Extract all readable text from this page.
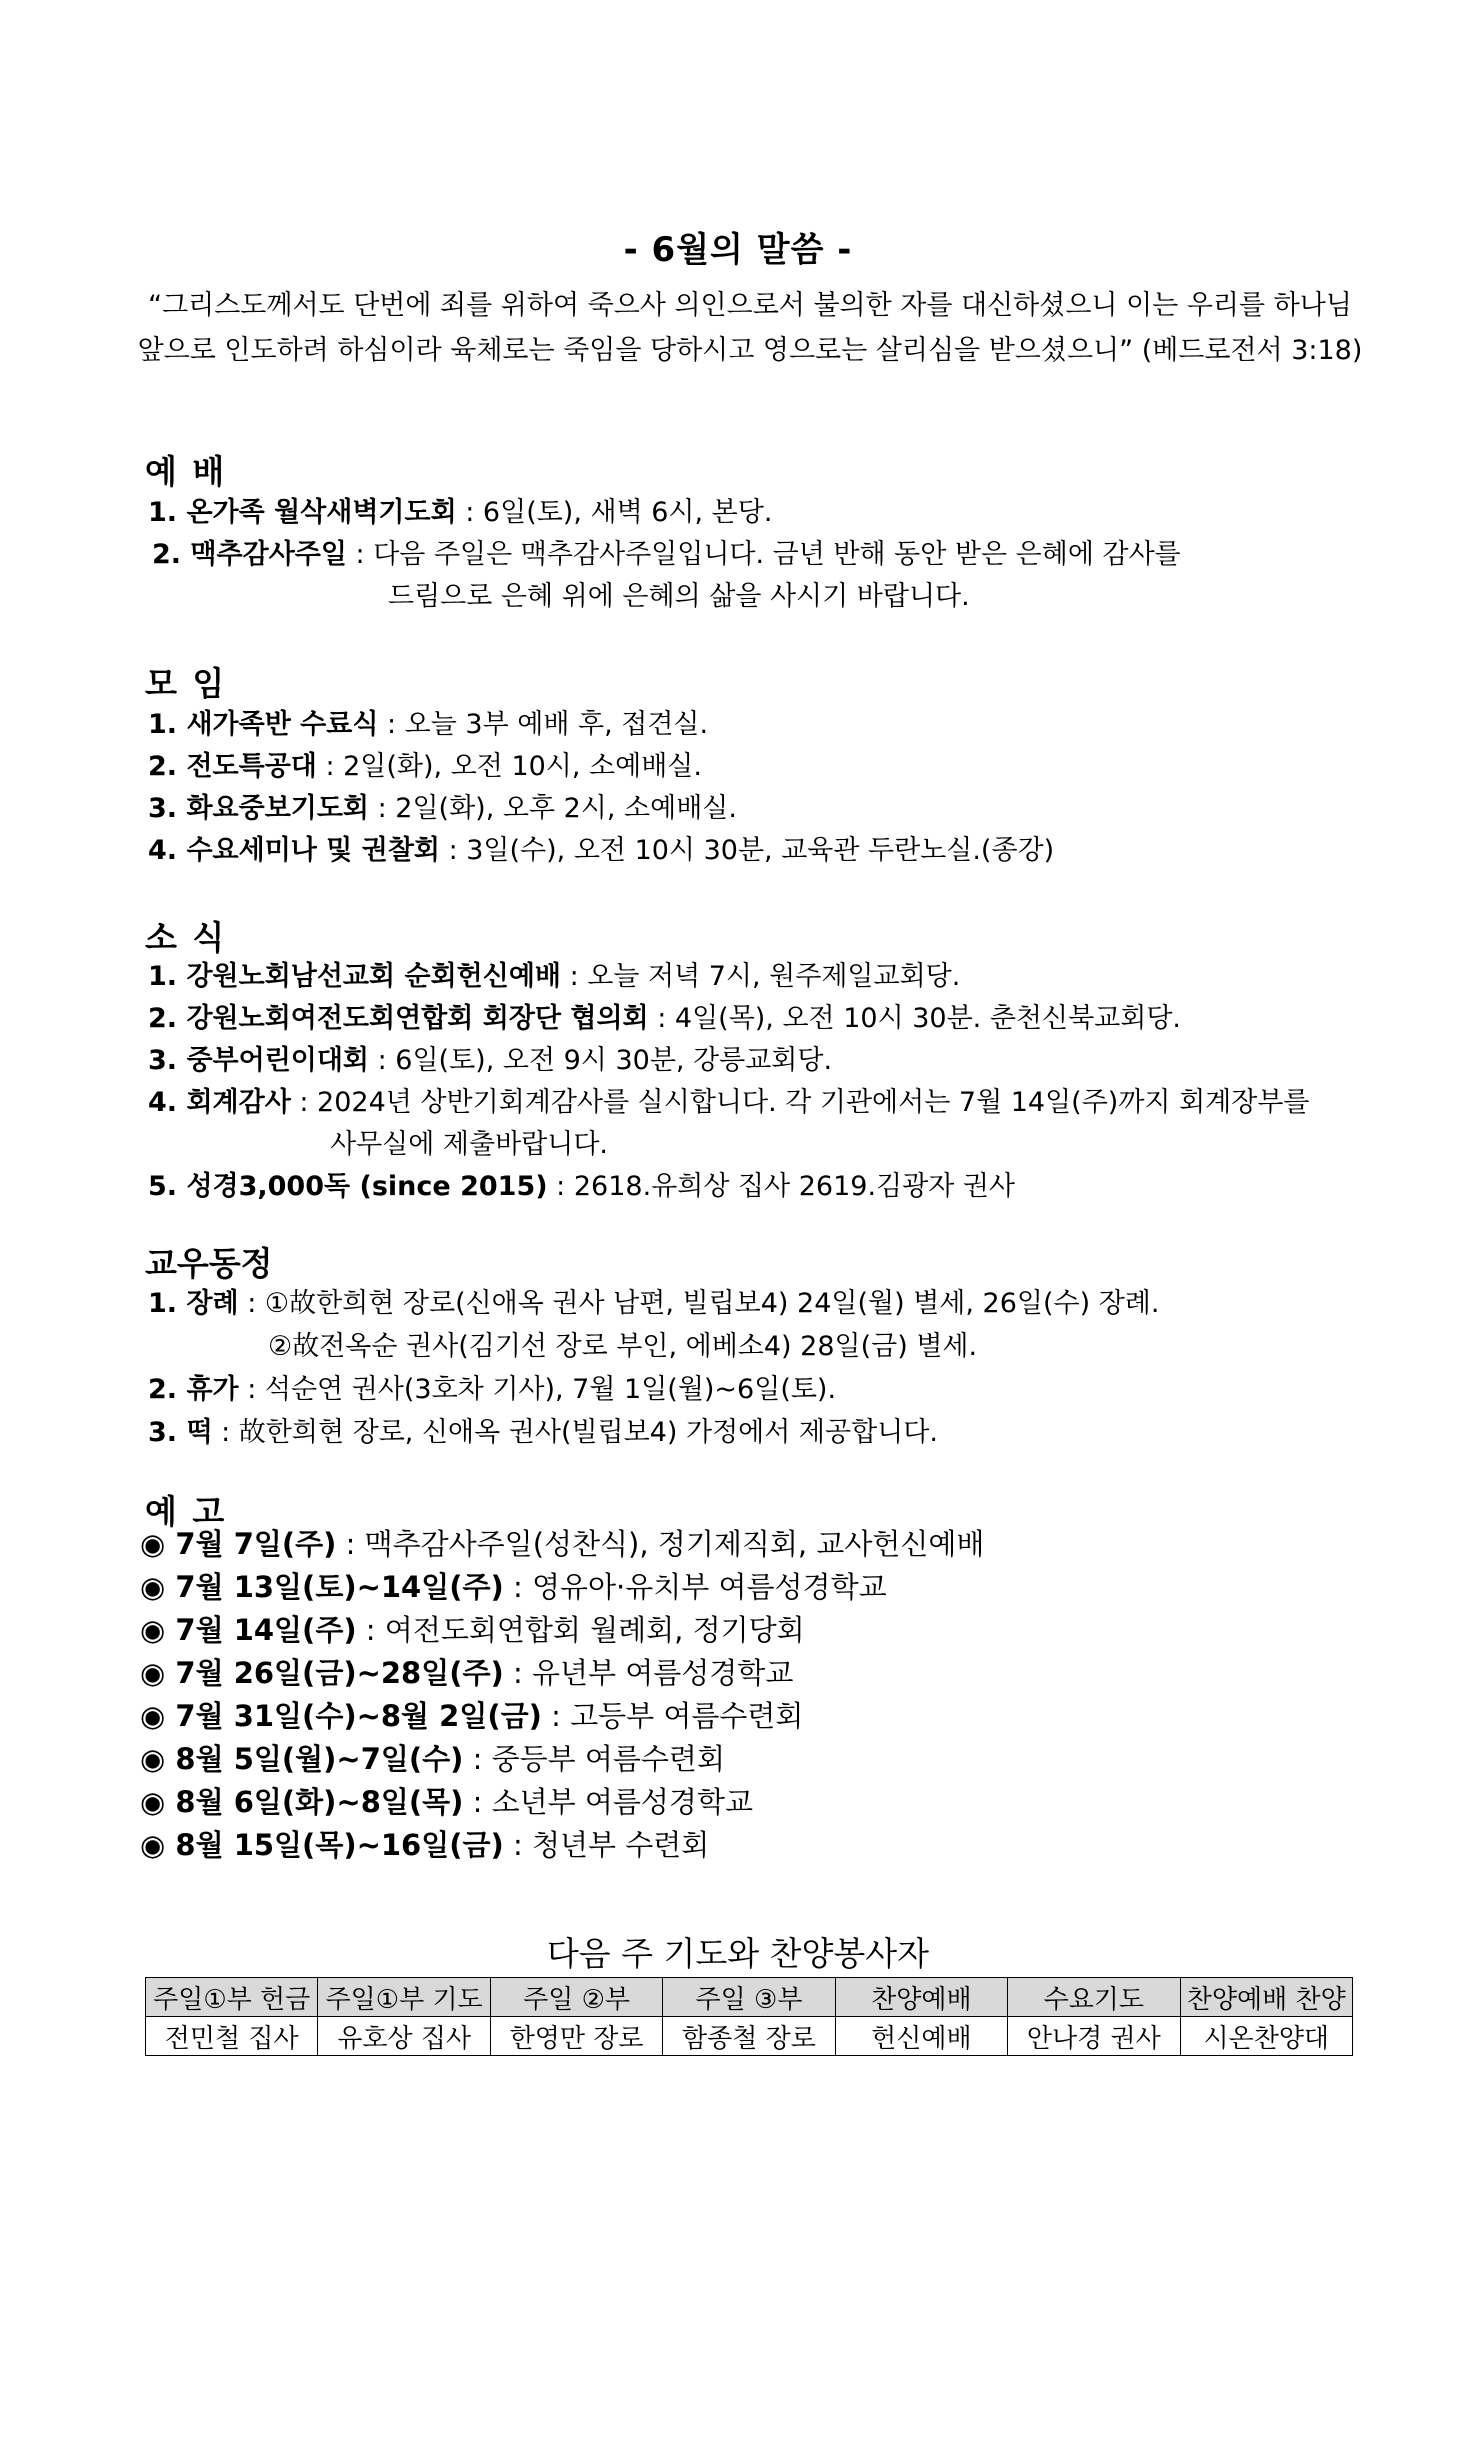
- 6월의 말씀 -
“그리스도께서도 단번에 죄를 위하여 죽으사 의인으로서 불의한 자를 대신하셨으니 이는 우리를 하나님
앞으로 인도하려 하심이라 육체로는 죽임을 당하시고 영으로는 살리심을 받으셨으니” (베드로전서 3:18)
예 배
1. 온가족 월삭새벽기도회 : 6일(토), 새벽 6시, 본당.
2. 맥추감사주일 : 다음 주일은 맥추감사주일입니다. 금년 반해 동안 받은 은혜에 감사를
드림으로 은혜 위에 은혜의 삶을 사시기 바랍니다.
모 임
1. 새가족반 수료식 : 오늘 3부 예배 후, 접견실.
2. 전도특공대 : 2일(화), 오전 10시, 소예배실.
3. 화요중보기도회 : 2일(화), 오후 2시, 소예배실.
4. 수요세미나 및 권찰회 : 3일(수), 오전 10시 30분, 교육관 두란노실.(종강)
소 식
1. 강원노회남선교회 순회헌신예배 : 오늘 저녁 7시, 원주제일교회당.
2. 강원노회여전도회연합회 회장단 협의회 : 4일(목), 오전 10시 30분. 춘천신북교회당.
3. 중부어린이대회 : 6일(토), 오전 9시 30분, 강릉교회당.
4. 회계감사 : 2024년 상반기회계감사를 실시합니다. 각 기관에서는 7월 14일(주)까지 회계장부를
사무실에 제출바랍니다.
5. 성경3,000독 (since 2015) : 2618.유희상 집사 2619.김광자 권사
교우동정
1. 장례 : ①故한희현 장로(신애옥 권사 남편, 빌립보4) 24일(월) 별세, 26일(수) 장례.
②故전옥순 권사(김기선 장로 부인, 에베소4) 28일(금) 별세.
2. 휴가 : 석순연 권사(3호차 기사), 7월 1일(월)~6일(토).
3. 떡 : 故한희현 장로, 신애옥 권사(빌립보4) 가정에서 제공합니다.
예 고
◉ 7월 7일(주) : 맥추감사주일(성찬식), 정기제직회, 교사헌신예배
◉ 7월 13일(토)~14일(주) : 영유아·유치부 여름성경학교
◉ 7월 14일(주) : 여전도회연합회 월례회, 정기당회
◉ 7월 26일(금)~28일(주) : 유년부 여름성경학교
◉ 7월 31일(수)~8월 2일(금) : 고등부 여름수련회
◉ 8월 5일(월)~7일(수) : 중등부 여름수련회
◉ 8월 6일(화)~8일(목) : 소년부 여름성경학교
◉ 8월 15일(목)~16일(금) : 청년부 수련회
다음 주 기도와 찬양봉사자
주일①부 헌금	주일①부 기도	주일 ②부	주일 ③부	찬양예배	수요기도	찬양예배 찬양
전민철 집사	유호상 집사	한영만 장로	함종철 장로	헌신예배	안나경 권사	시온찬양대
